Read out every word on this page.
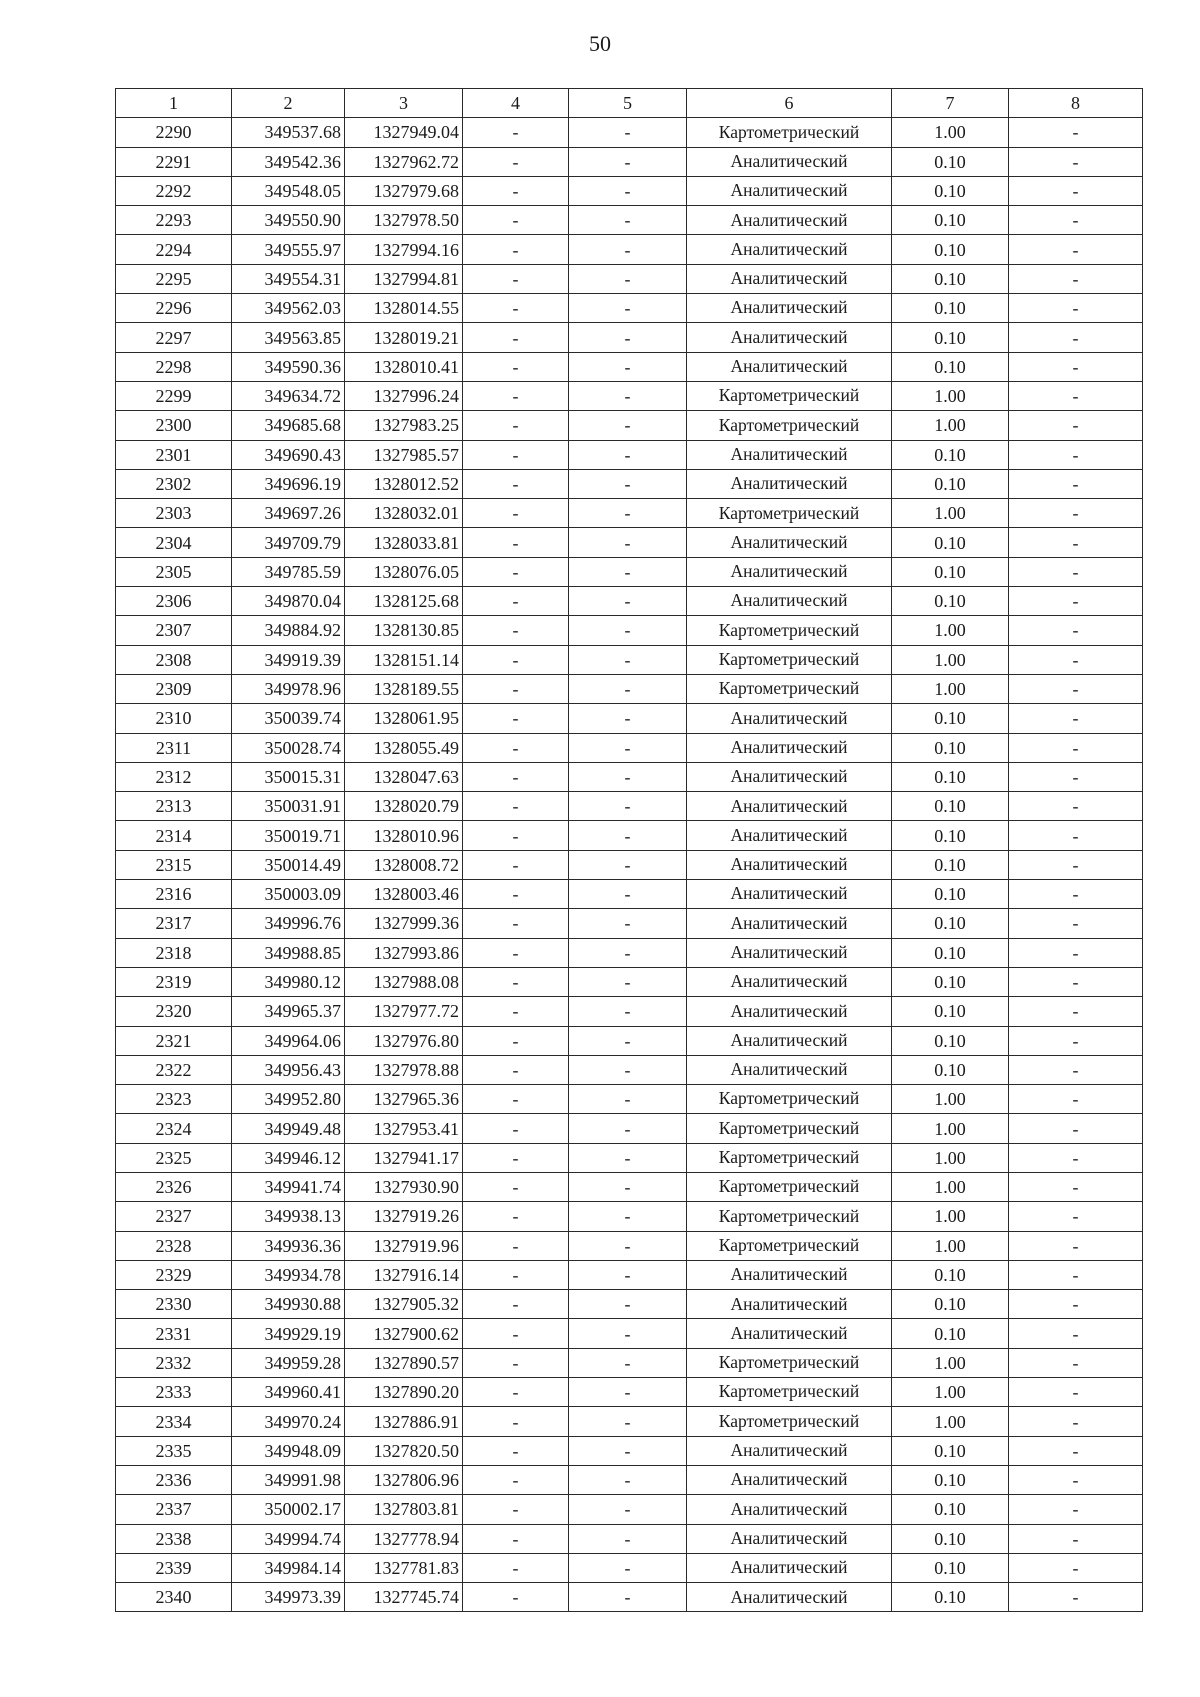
50
1	2	3	4	5	6	7	8
2290	349537.68	1327949.04	-	-	Картометрический	1.00	-
2291	349542.36	1327962.72	-	-	Аналитический	0.10	-
2292	349548.05	1327979.68	-	-	Аналитический	0.10	-
2293	349550.90	1327978.50	-	-	Аналитический	0.10	-
2294	349555.97	1327994.16	-	-	Аналитический	0.10	-
2295	349554.31	1327994.81	-	-	Аналитический	0.10	-
2296	349562.03	1328014.55	-	-	Аналитический	0.10	-
2297	349563.85	1328019.21	-	-	Аналитический	0.10	-
2298	349590.36	1328010.41	-	-	Аналитический	0.10	-
2299	349634.72	1327996.24	-	-	Картометрический	1.00	-
2300	349685.68	1327983.25	-	-	Картометрический	1.00	-
2301	349690.43	1327985.57	-	-	Аналитический	0.10	-
2302	349696.19	1328012.52	-	-	Аналитический	0.10	-
2303	349697.26	1328032.01	-	-	Картометрический	1.00	-
2304	349709.79	1328033.81	-	-	Аналитический	0.10	-
2305	349785.59	1328076.05	-	-	Аналитический	0.10	-
2306	349870.04	1328125.68	-	-	Аналитический	0.10	-
2307	349884.92	1328130.85	-	-	Картометрический	1.00	-
2308	349919.39	1328151.14	-	-	Картометрический	1.00	-
2309	349978.96	1328189.55	-	-	Картометрический	1.00	-
2310	350039.74	1328061.95	-	-	Аналитический	0.10	-
2311	350028.74	1328055.49	-	-	Аналитический	0.10	-
2312	350015.31	1328047.63	-	-	Аналитический	0.10	-
2313	350031.91	1328020.79	-	-	Аналитический	0.10	-
2314	350019.71	1328010.96	-	-	Аналитический	0.10	-
2315	350014.49	1328008.72	-	-	Аналитический	0.10	-
2316	350003.09	1328003.46	-	-	Аналитический	0.10	-
2317	349996.76	1327999.36	-	-	Аналитический	0.10	-
2318	349988.85	1327993.86	-	-	Аналитический	0.10	-
2319	349980.12	1327988.08	-	-	Аналитический	0.10	-
2320	349965.37	1327977.72	-	-	Аналитический	0.10	-
2321	349964.06	1327976.80	-	-	Аналитический	0.10	-
2322	349956.43	1327978.88	-	-	Аналитический	0.10	-
2323	349952.80	1327965.36	-	-	Картометрический	1.00	-
2324	349949.48	1327953.41	-	-	Картометрический	1.00	-
2325	349946.12	1327941.17	-	-	Картометрический	1.00	-
2326	349941.74	1327930.90	-	-	Картометрический	1.00	-
2327	349938.13	1327919.26	-	-	Картометрический	1.00	-
2328	349936.36	1327919.96	-	-	Картометрический	1.00	-
2329	349934.78	1327916.14	-	-	Аналитический	0.10	-
2330	349930.88	1327905.32	-	-	Аналитический	0.10	-
2331	349929.19	1327900.62	-	-	Аналитический	0.10	-
2332	349959.28	1327890.57	-	-	Картометрический	1.00	-
2333	349960.41	1327890.20	-	-	Картометрический	1.00	-
2334	349970.24	1327886.91	-	-	Картометрический	1.00	-
2335	349948.09	1327820.50	-	-	Аналитический	0.10	-
2336	349991.98	1327806.96	-	-	Аналитический	0.10	-
2337	350002.17	1327803.81	-	-	Аналитический	0.10	-
2338	349994.74	1327778.94	-	-	Аналитический	0.10	-
2339	349984.14	1327781.83	-	-	Аналитический	0.10	-
2340	349973.39	1327745.74	-	-	Аналитический	0.10	-
